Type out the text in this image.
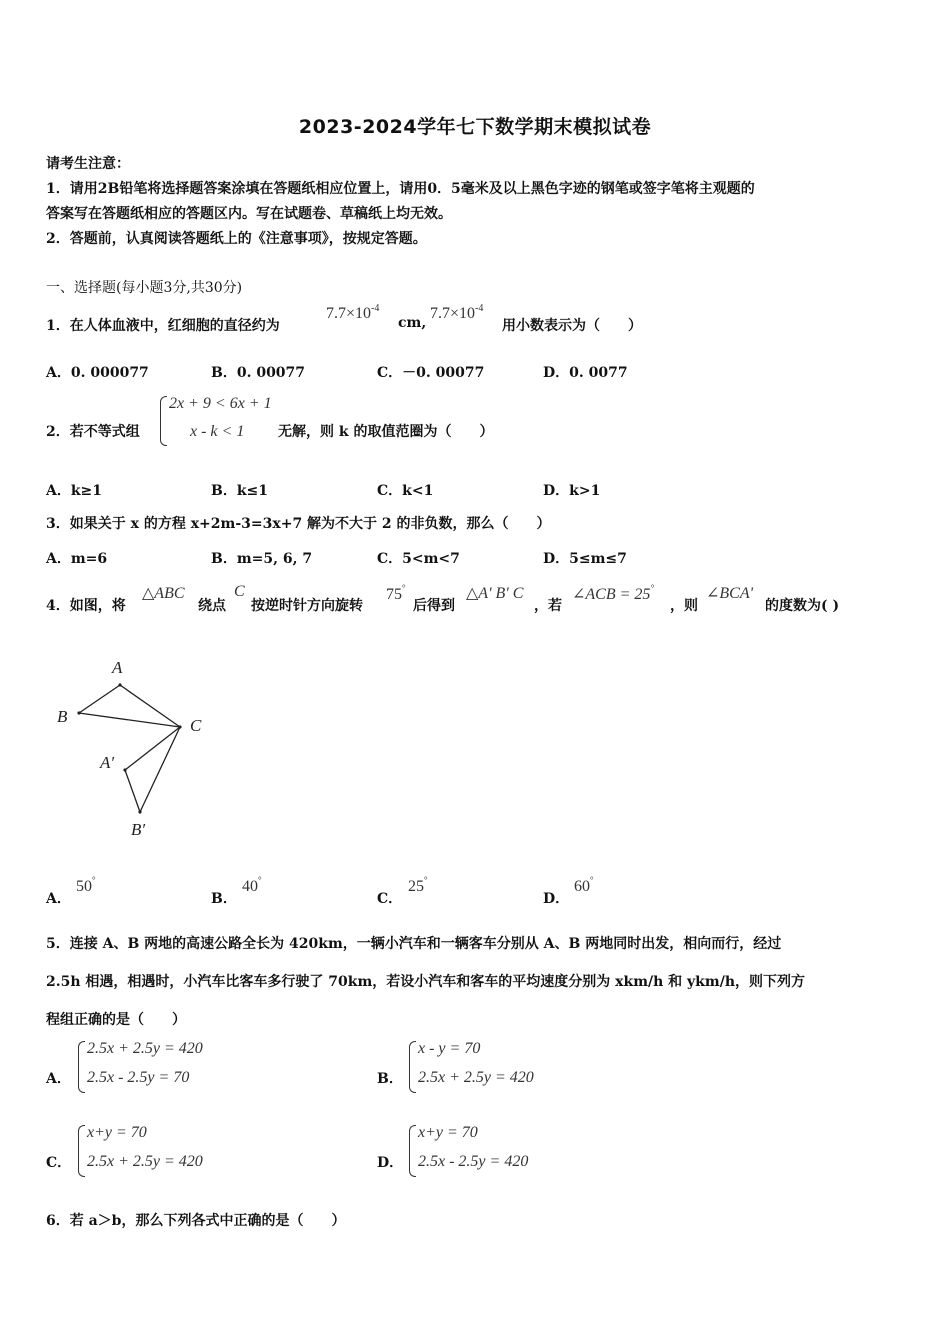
2023-2024学年七下数学期末模拟试卷
请考生注意：
1．请用2B铅笔将选择题答案涂填在答题纸相应位置上，请用0．5毫米及以上黑色字迹的钢笔或签字笔将主观题的
答案写在答题纸相应的答题区内。写在试题卷、草稿纸上均无效。
2．答题前，认真阅读答题纸上的《注意事项》，按规定答题。
一、选择题(每小题3分,共30分)
1．在人体血液中，红细胞的直径约为
$7.7\times 10^{-4}$
cm,
$7.7\times 10^{-4}$
用小数表示为（　　）
A．0. 000077	B．0. 00077	C．－0. 00077	D．0. 0077
2．若不等式组
2x + 9 < 6x + 1
x - k < 1 无解，则 k 的取值范圈为（　　）
A．k≥1	B．k≤1	C．k<1	D．k>1
3．如果关于 x 的方程 x+2m-3=3x+7 解为不大于 2 的非负数，那么（　　）
A．m=6	B．m=5, 6, 7	C．5<m<7	D．5≤m≤7
4．如图，将
△ABC
绕点
C
按逆时针方向旋转
75°
后得到
△A' B' C
，若
∠ACB = 25°
，则
∠BCA'
的度数为( )
A
B	C
A′
B′
A．
50°
B．
40°
C．
25°
D．
60°
5．连接 A、B 两地的高速公路全长为 420km，一辆小汽车和一辆客车分别从 A、B 两地同时出发，相向而行，经过
2.5h 相遇，相遇时，小汽车比客车多行驶了 70km，若设小汽车和客车的平均速度分别为 xkm/h 和 ykm/h，则下列方
程组正确的是（　　）
A．
2.5x + 2.5y = 420
2.5x - 2.5y = 70	B．
x - y = 70
2.5x + 2.5y = 420
C．
x+y = 70
2.5x + 2.5y = 420	D．
x+y = 70
2.5x - 2.5y = 420
6．若 a＞b，那么下列各式中正确的是（　　）
